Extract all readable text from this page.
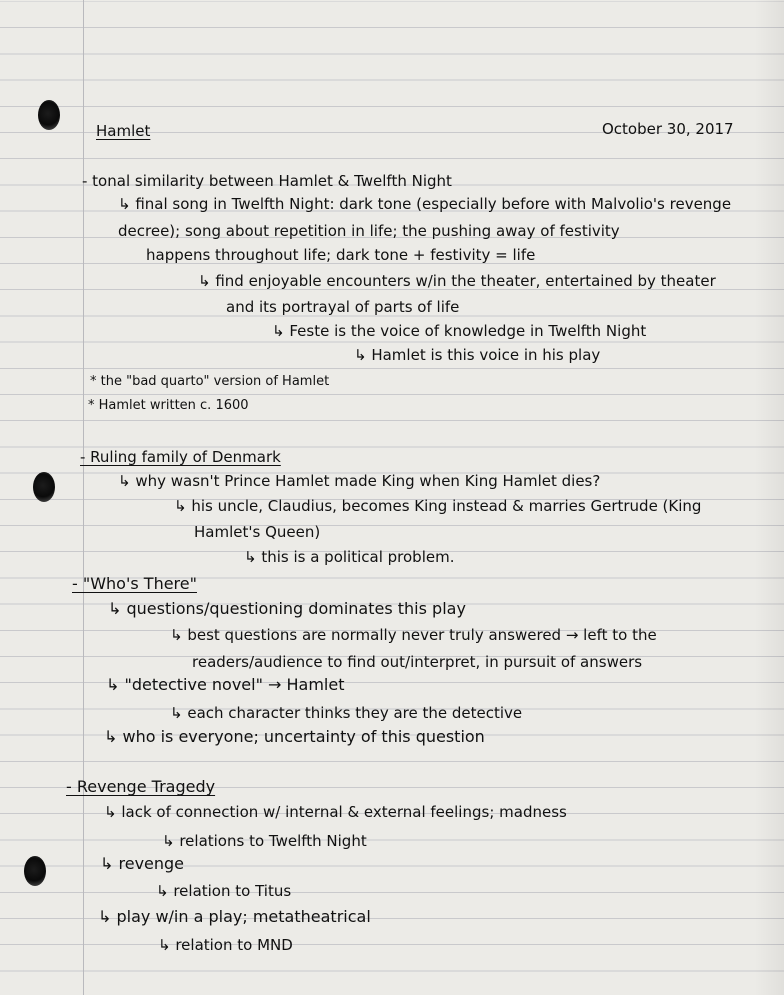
Hamlet	October 30, 2017
- tonal similarity between Hamlet & Twelfth Night
↳ final song in Twelfth Night: dark tone (especially before with Malvolio's revenge
decree); song about repetition in life; the pushing away of festivity
happens throughout life; dark tone + festivity = life
↳ find enjoyable encounters w/in the theater, entertained by theater
and its portrayal of parts of life
↳ Feste is the voice of knowledge in Twelfth Night
↳ Hamlet is this voice in his play
* the "bad quarto" version of Hamlet
* Hamlet written c. 1600
- Ruling family of Denmark
↳ why wasn't Prince Hamlet made King when King Hamlet dies?
↳ his uncle, Claudius, becomes King instead & marries Gertrude (King
Hamlet's Queen)
↳ this is a political problem.
- "Who's There"
↳ questions/questioning dominates this play
↳ best questions are normally never truly answered → left to the
readers/audience to find out/interpret, in pursuit of answers
↳ "detective novel" → Hamlet
↳ each character thinks they are the detective
↳ who is everyone; uncertainty of this question
- Revenge Tragedy
↳ lack of connection w/ internal & external feelings; madness
↳ relations to Twelfth Night
↳ revenge
↳ relation to Titus
↳ play w/in a play; metatheatrical
↳ relation to MND
